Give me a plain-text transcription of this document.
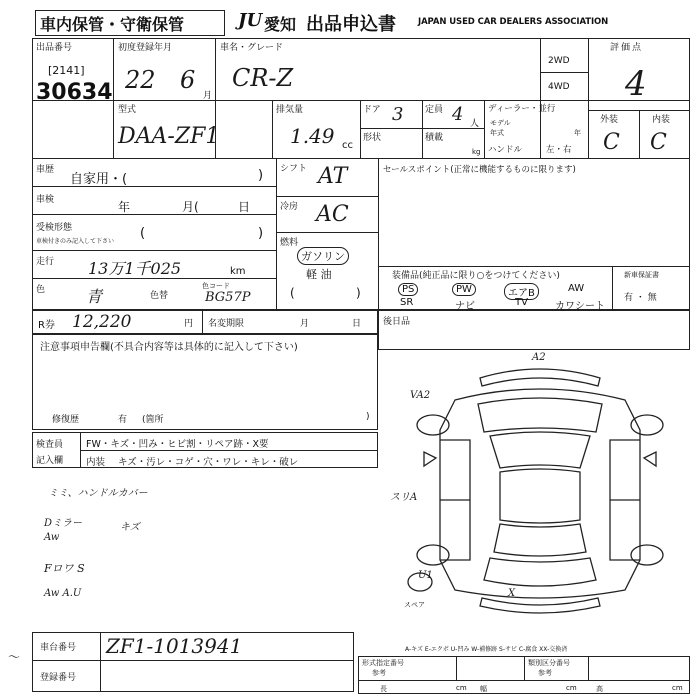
車内保管・守衛保管	JU 愛知 出品申込書	JAPAN USED CAR DEALERS ASSOCIATION
出品番号
[2141]
30634
初度登録年月
22 6
月
車名・グレード
CR-Z
2WD
4WD
評価点
4
型式
DAA-ZF1
排気量
1.49 cc
ドア 3
形状
定員 4 人
積載
kg
ディーラー・並行
モデル
年式	年
ハンドル	左・右
外装	内装
C C
車歴
自家用・(	)
車検	年	月(	日
受検形態
車検付きのみ記入して下さい
(	)
走行 13万1千025	km
色	青	色替
色コード
BG57P
シフト AT
冷房 AC
燃料
ガソリン
軽 油
(	)
セールスポイント(正常に機能するものに限ります)
装備品(純正品に限り○をつけてください)
PS	PW	エアB	AW
SR	ナビ	TV	カワシート
新車保証書
有 ・ 無
R券 12,220	円 名変期限	月	日 後日品
注意事項申告欄(不具合内容等は具体的に記入して下さい)
修復歴	有 (箇所	)
検査員
記入欄
FW・キズ・凹み・ヒビ割・リペア跡・X要
内装 キズ・汚レ・コゲ・穴・ワレ・キレ・破レ
ミミ、ハンドルカバー
Dミラー	キズ
Aw
Fロワ S
Aw A.U
A2
VA2
スリA
U1
X
スペア
A-キズ E-エクボ U-凹み W-補修跡 S-サビ C-腐食 XX-交換済
〜
車台番号 ZF1-1013941
登録番号
形式指定番号
参考
類別区分番号
参考
長	cm 幅	cm	高	cm
